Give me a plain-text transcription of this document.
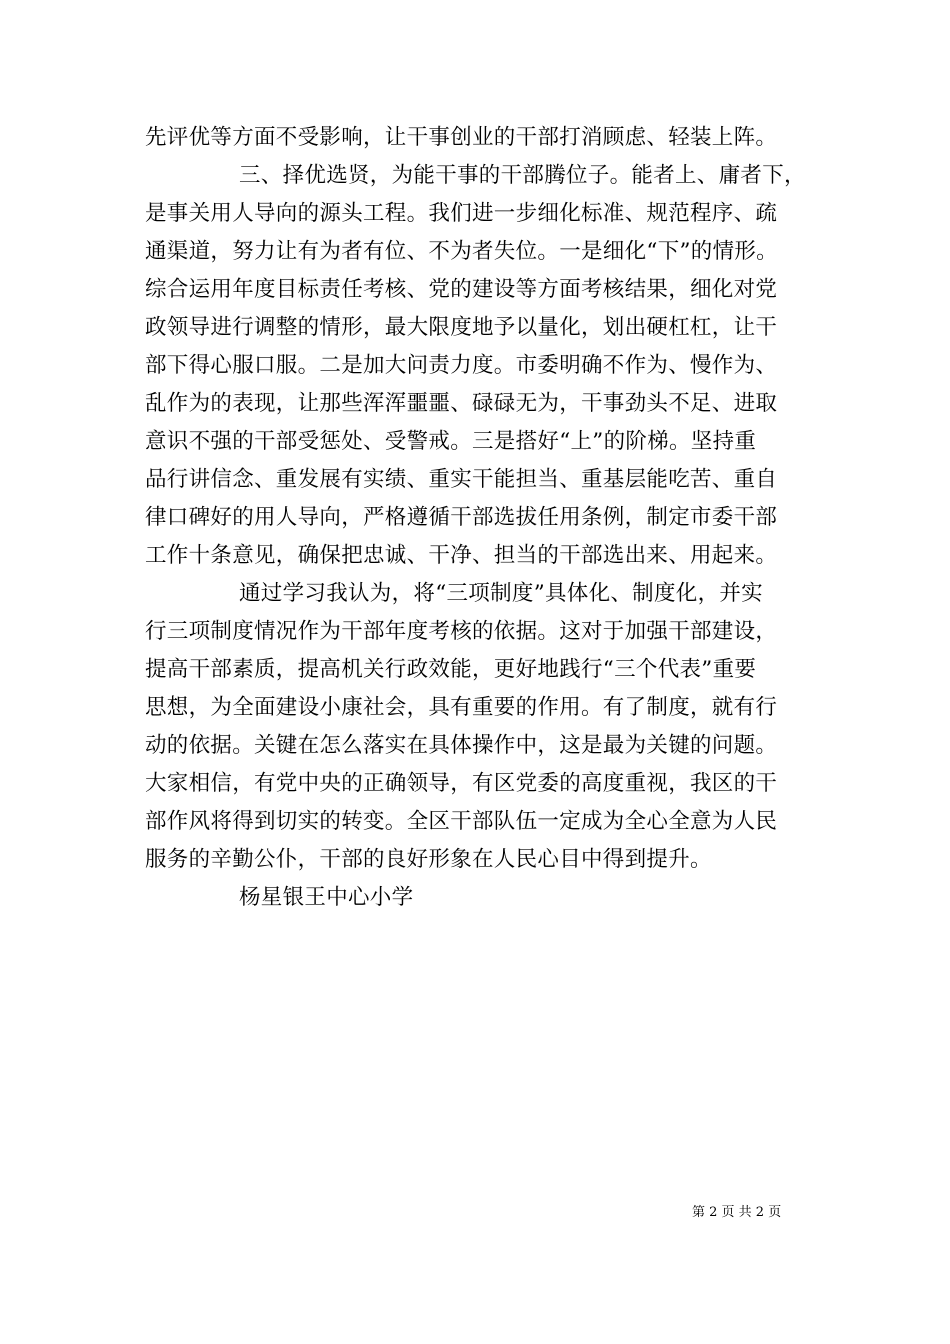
先评优等方面不受影响，让干事创业的干部打消顾虑、轻装上阵。
三、择优选贤，为能干事的干部腾位子。能者上、庸者下，
是事关用人导向的源头工程。我们进一步细化标准、规范程序、疏
通渠道，努力让有为者有位、不为者失位。一是细化“下”的情形。
综合运用年度目标责任考核、党的建设等方面考核结果，细化对党
政领导进行调整的情形，最大限度地予以量化，划出硬杠杠，让干
部下得心服口服。二是加大问责力度。市委明确不作为、慢作为、
乱作为的表现，让那些浑浑噩噩、碌碌无为，干事劲头不足、进取
意识不强的干部受惩处、受警戒。三是搭好“上”的阶梯。坚持重
品行讲信念、重发展有实绩、重实干能担当、重基层能吃苦、重自
律口碑好的用人导向，严格遵循干部选拔任用条例，制定市委干部
工作十条意见，确保把忠诚、干净、担当的干部选出来、用起来。
通过学习我认为，将“三项制度”具体化、制度化，并实
行三项制度情况作为干部年度考核的依据。这对于加强干部建设，
提高干部素质，提高机关行政效能，更好地践行“三个代表”重要
思想，为全面建设小康社会，具有重要的作用。有了制度，就有行
动的依据。关键在怎么落实在具体操作中，这是最为关键的问题。
大家相信，有党中央的正确领导，有区党委的高度重视，我区的干
部作风将得到切实的转变。全区干部队伍一定成为全心全意为人民
服务的辛勤公仆，干部的良好形象在人民心目中得到提升。
杨星银王中心小学
第 2 页 共 2 页
